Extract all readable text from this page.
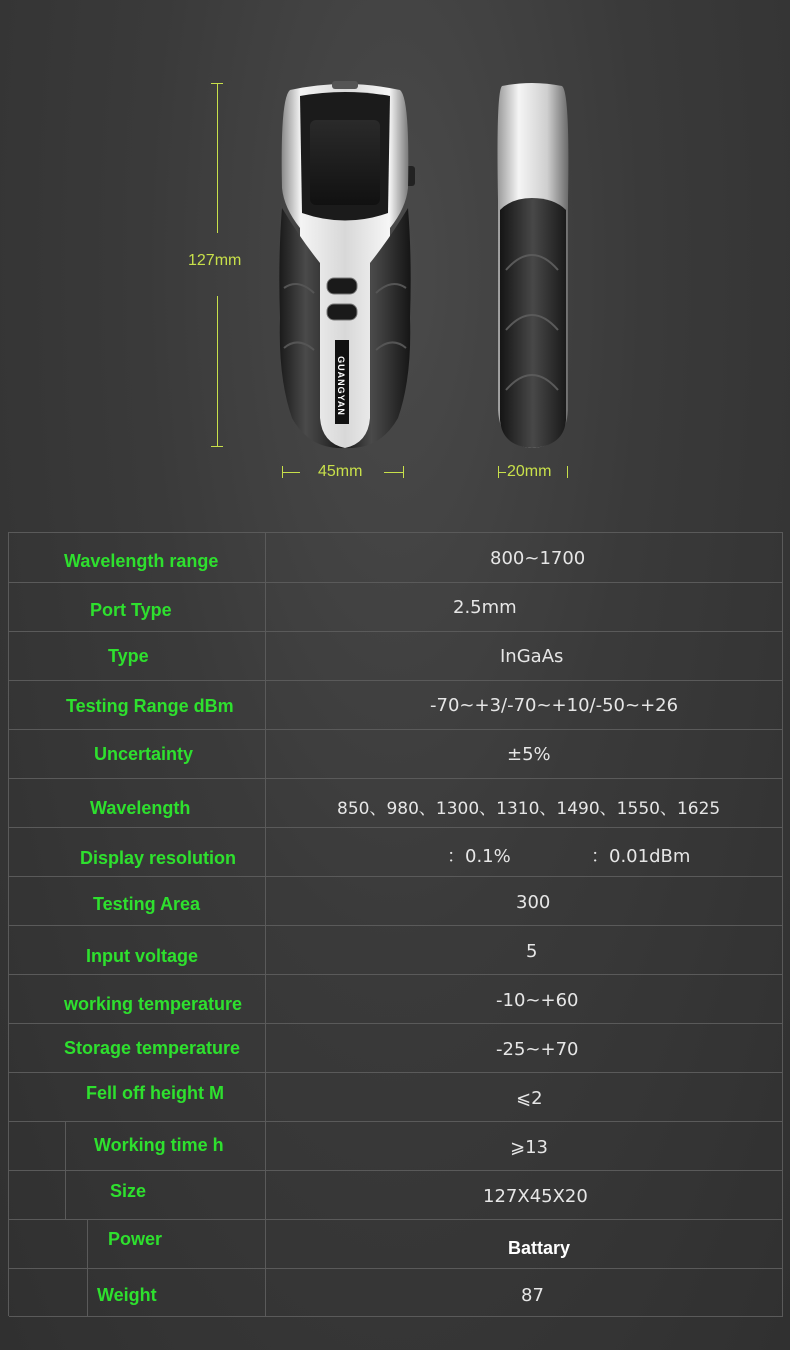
127mm
45mm	20mm
GUANGYAN
Wavelength range	800~1700
Port Type	2.5mm
Type	InGaAs
Testing Range dBm	-70~+3/-70~+10/-50~+26
Uncertainty	±5%
Wavelength	850、980、1300、1310、1490、1550、1625
Display resolution	：0.1%	：0.01dBm
Testing Area	300
Input voltage	5
working temperature	-10~+60
Storage temperature	-25~+70
Fell off height M	⩽2
Working time h	⩾13
Size	127X45X20
Power	Battary
Weight	87
